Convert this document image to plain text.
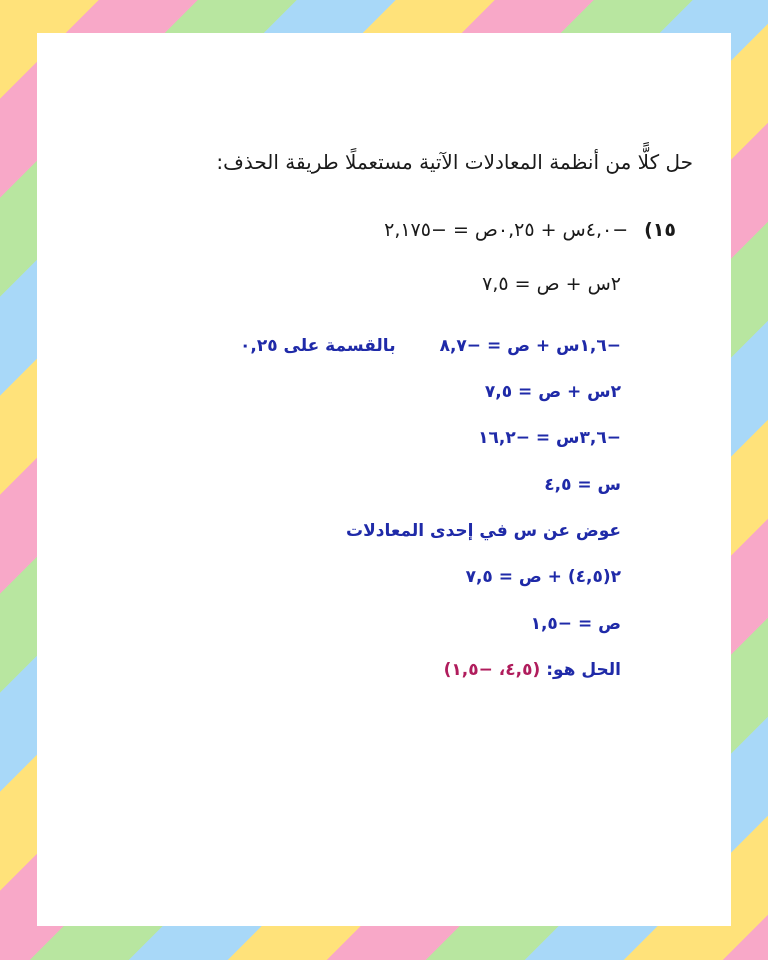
حل كلًّا من أنظمة المعادلات الآتية مستعملًا طريقة الحذف:
١٥)−٤,٠س + ٠,٢٥ص = −٢,١٧٥
٢س + ص = ٧,٥
−١,٦س + ص = −٨,٧بالقسمة على ٠,٢٥
٢س + ص = ٧,٥
−٣,٦س = −١٦,٢
س = ٤,٥
عوض عن س في إحدى المعادلات
٢(٤,٥) + ص = ٧,٥
ص = −١,٥
الحل هو: (٤,٥، −١,٥)
